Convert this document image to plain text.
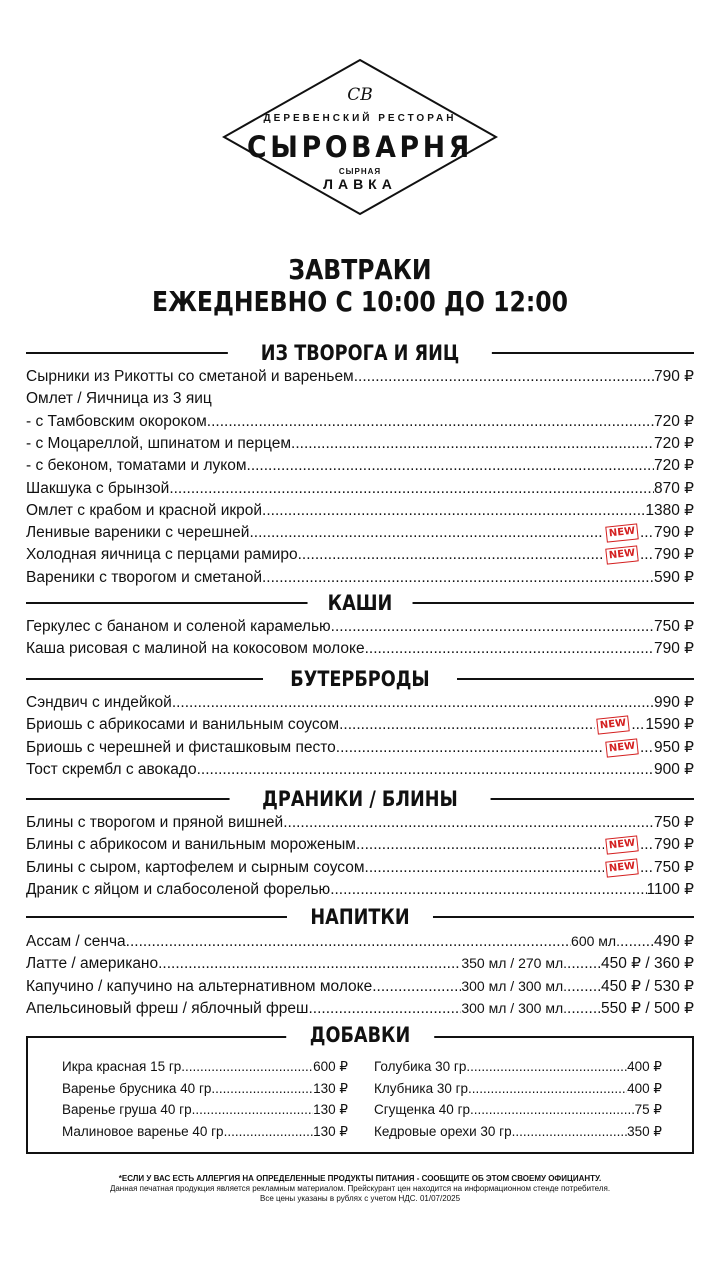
CB
ДЕРЕВЕНСКИЙ РЕСТОРАН
СЫРОВАРНЯ
СЫРНАЯ
ЛАВКА
ЗАВТРАКИ
ЕЖЕДНЕВНО С 10:00 ДО 12:00
ИЗ ТВОРОГА И ЯИЦ
Сырники из Рикотты со сметаной и вареньем .....	790 ₽
Омлет / Яичница из 3 яиц
- с Тамбовским окороком .....	720 ₽
- с Моцареллой, шпинатом и перцем .....	720 ₽
- с беконом, томатами и луком .....	720 ₽
Шакшука с брынзой .....	870 ₽
Омлет с крабом и красной икрой .....	1380 ₽
Ленивые вареники с черешней .....	NEW ..... 790 ₽
Холодная яичница с перцами рамиро .....	NEW ..... 790 ₽
Вареники с творогом и сметаной .....	590 ₽
КАШИ
Геркулес с бананом и соленой карамелью .....	750 ₽
Каша рисовая с малиной на кокосовом молоке .....	790 ₽
БУТЕРБРОДЫ
Сэндвич с индейкой .....	990 ₽
Бриошь с абрикосами и ванильным соусом .....	NEW ..... 1590 ₽
Бриошь с черешней и фисташковым песто .....	NEW ..... 950 ₽
Тост скрембл с авокадо .....	900 ₽
ДРАНИКИ / БЛИНЫ
Блины с творогом и пряной вишней .....	750 ₽
Блины с абрикосом и ванильным мороженым .....	NEW ..... 790 ₽
Блины с сыром, картофелем и сырным соусом .....	NEW ..... 750 ₽
Драник с яйцом и слабосоленой форелью .....	1100 ₽
НАПИТКИ
Ассам / сенча .....	600 мл. ..... 490 ₽
Латте / американо .....	350 мл / 270 мл. ..... 450 ₽ / 360 ₽
Капучино / капучино на альтернативном молоке .....	300 мл / 300 мл. ..... 450 ₽ / 530 ₽
Апельсиновый фреш / яблочный фреш .....	300 мл / 300 мл. ..... 550 ₽ / 500 ₽
Икра красная 15 гр. .....	600 ₽
Варенье брусника 40 гр. .....	130 ₽
Варенье груша 40 гр. .....	130 ₽
Малиновое варенье 40 гр. .....	130 ₽
Голубика 30 гр. .....	400 ₽
Клубника 30 гр. .....	400 ₽
Сгущенка 40 гр. .....	75 ₽
Кедровые орехи 30 гр. .....	350 ₽
*ЕСЛИ У ВАС ЕСТЬ АЛЛЕРГИЯ НА ОПРЕДЕЛЕННЫЕ ПРОДУКТЫ ПИТАНИЯ - СООБЩИТЕ ОБ ЭТОМ СВОЕМУ ОФИЦИАНТУ.
Данная печатная продукция является рекламным материалом. Прейскурант цен находится на информационном стенде потребителя.
Все цены указаны в рублях с учетом НДС. 01/07/2025
ДОБАВКИ
